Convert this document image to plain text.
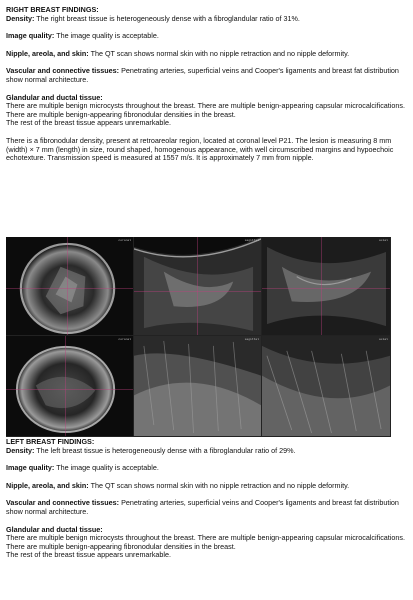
RIGHT BREAST FINDINGS:
Density: The right breast tissue is heterogeneously dense with a fibroglandular ratio of 31%.
Image quality: The image quality is acceptable.
Nipple, areola, and skin: The QT scan shows normal skin with no nipple retraction and no nipple deformity.
Vascular and connective tissues: Penetrating arteries, superficial veins and Cooper's ligaments and breast fat distribution show normal architecture.
Glandular and ductal tissue:
There are multiple benign microcysts throughout the breast. There are multiple benign-appearing capsular microcalcifications. There are multiple benign-appearing fibronodular densities in the breast.
The rest of the breast tissue appears unremarkable.
There is a fibronodular density, present at retroareolar region, located at coronal level P21. The lesion is measuring 8 mm (width) × 7 mm (length) in size, round shaped, homogenous appearance, with well circumscribed margins and hypoechoic echotexture. Transmission speed is measured at 1557 m/s. It is approximately 7 mm from nipple.
coronal	sagittal	axial
coronal	sagittal	axial
LEFT BREAST FINDINGS:
Density: The left breast tissue is heterogeneously dense with a fibroglandular ratio of 29%.
Image quality: The image quality is acceptable.
Nipple, areola, and skin: The QT scan shows normal skin with no nipple retraction and no nipple deformity.
Vascular and connective tissues: Penetrating arteries, superficial veins and Cooper's ligaments and breast fat distribution show normal architecture.
Glandular and ductal tissue:
There are multiple benign microcysts throughout the breast. There are multiple benign-appearing capsular microcalcifications. There are multiple benign-appearing fibronodular densities in the breast.
The rest of the breast tissue appears unremarkable.
